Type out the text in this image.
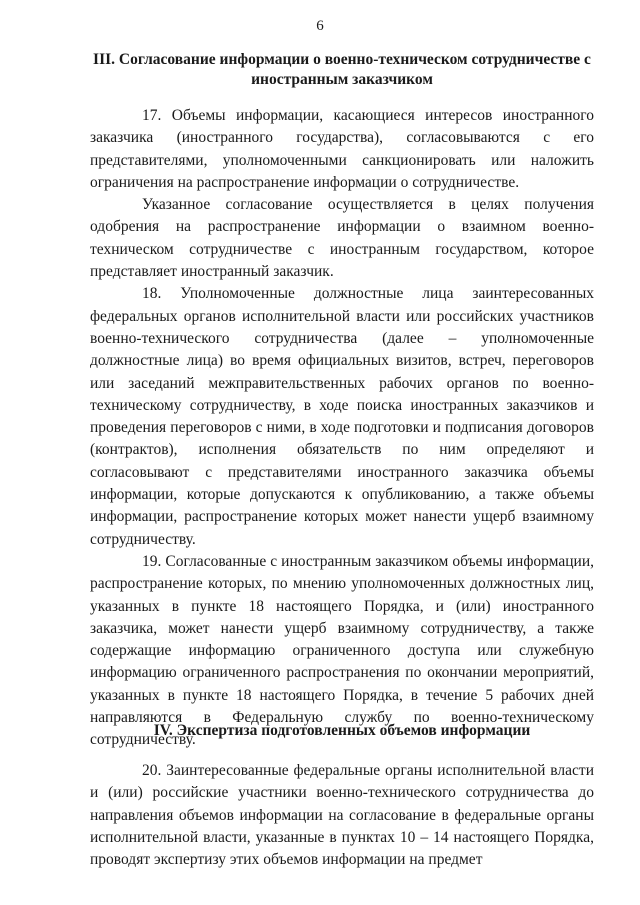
6
III. Согласование информации о военно-техническом сотрудничестве с иностранным заказчиком

17. Объемы информации, касающиеся интересов иностранного заказчика (иностранного государства), согласовываются с его представителями, уполномоченными санкционировать или наложить ограничения на распространение информации о сотрудничестве.

Указанное согласование осуществляется в целях получения одобрения на распространение информации о взаимном военно-техническом сотрудничестве с иностранным государством, которое представляет иностранный заказчик.

18. Уполномоченные должностные лица заинтересованных федеральных органов исполнительной власти или российских участников военно-технического сотрудничества (далее – уполномоченные должностные лица) во время официальных визитов, встреч, переговоров или заседаний межправительственных рабочих органов по военно-техническому сотрудничеству, в ходе поиска иностранных заказчиков и проведения переговоров с ними, в ходе подготовки и подписания договоров (контрактов), исполнения обязательств по ним определяют и согласовывают с представителями иностранного заказчика объемы информации, которые допускаются к опубликованию, а также объемы информации, распространение которых может нанести ущерб взаимному сотрудничеству.

19. Согласованные с иностранным заказчиком объемы информации, распространение которых, по мнению уполномоченных должностных лиц, указанных в пункте 18 настоящего Порядка, и (или) иностранного заказчика, может нанести ущерб взаимному сотрудничеству, а также содержащие информацию ограниченного доступа или служебную информацию ограниченного распространения по окончании мероприятий, указанных в пункте 18 настоящего Порядка, в течение 5 рабочих дней направляются в Федеральную службу по военно-техническому сотрудничеству.

IV. Экспертиза подготовленных объемов информации

20. Заинтересованные федеральные органы исполнительной власти и (или) российские участники военно-технического сотрудничества до направления объемов информации на согласование в федеральные органы исполнительной власти, указанные в пунктах 10 – 14 настоящего Порядка, проводят экспертизу этих объемов информации на предмет
